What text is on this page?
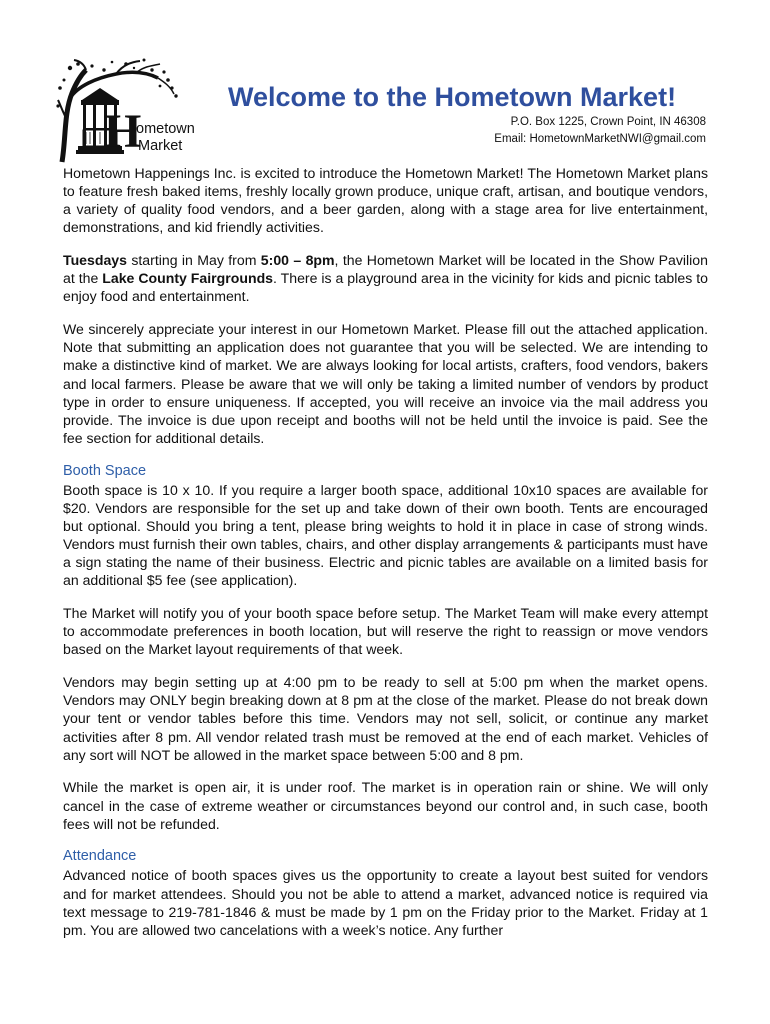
H
ometown
Market
Welcome to the Hometown Market!
P.O. Box 1225, Crown Point, IN 46308
Email: HometownMarketNWI@gmail.com

Hometown Happenings Inc. is excited to introduce the Hometown Market! The Hometown Market plans to feature fresh baked items, freshly locally grown produce, unique craft, artisan, and boutique vendors, a variety of quality food vendors, and a beer garden, along with a stage area for live entertainment, demonstrations, and kid friendly activities.

Tuesdays starting in May from 5:00 – 8pm, the Hometown Market will be located in the Show Pavilion at the Lake County Fairgrounds. There is a playground area in the vicinity for kids and picnic tables to enjoy food and entertainment.

We sincerely appreciate your interest in our Hometown Market. Please fill out the attached application. Note that submitting an application does not guarantee that you will be selected. We are intending to make a distinctive kind of market. We are always looking for local artists, crafters, food vendors, bakers and local farmers. Please be aware that we will only be taking a limited number of vendors by product type in order to ensure uniqueness. If accepted, you will receive an invoice via the mail address you provide. The invoice is due upon receipt and booths will not be held until the invoice is paid. See the fee section for additional details.

Booth Space

Booth space is 10 x 10. If you require a larger booth space, additional 10x10 spaces are available for $20. Vendors are responsible for the set up and take down of their own booth. Tents are encouraged but optional. Should you bring a tent, please bring weights to hold it in place in case of strong winds. Vendors must furnish their own tables, chairs, and other display arrangements & participants must have a sign stating the name of their business. Electric and picnic tables are available on a limited basis for an additional $5 fee (see application).

The Market will notify you of your booth space before setup. The Market Team will make every attempt to accommodate preferences in booth location, but will reserve the right to reassign or move vendors based on the Market layout requirements of that week.

Vendors may begin setting up at 4:00 pm to be ready to sell at 5:00 pm when the market opens. Vendors may ONLY begin breaking down at 8 pm at the close of the market. Please do not break down your tent or vendor tables before this time. Vendors may not sell, solicit, or continue any market activities after 8 pm. All vendor related trash must be removed at the end of each market. Vehicles of any sort will NOT be allowed in the market space between 5:00 and 8 pm.

While the market is open air, it is under roof. The market is in operation rain or shine. We will only cancel in the case of extreme weather or circumstances beyond our control and, in such case, booth fees will not be refunded.

Attendance

Advanced notice of booth spaces gives us the opportunity to create a layout best suited for vendors and for market attendees. Should you not be able to attend a market, advanced notice is required via text message to 219-781-1846 & must be made by 1 pm on the Friday prior to the Market. Friday at 1 pm. You are allowed two cancelations with a week’s notice. Any further
